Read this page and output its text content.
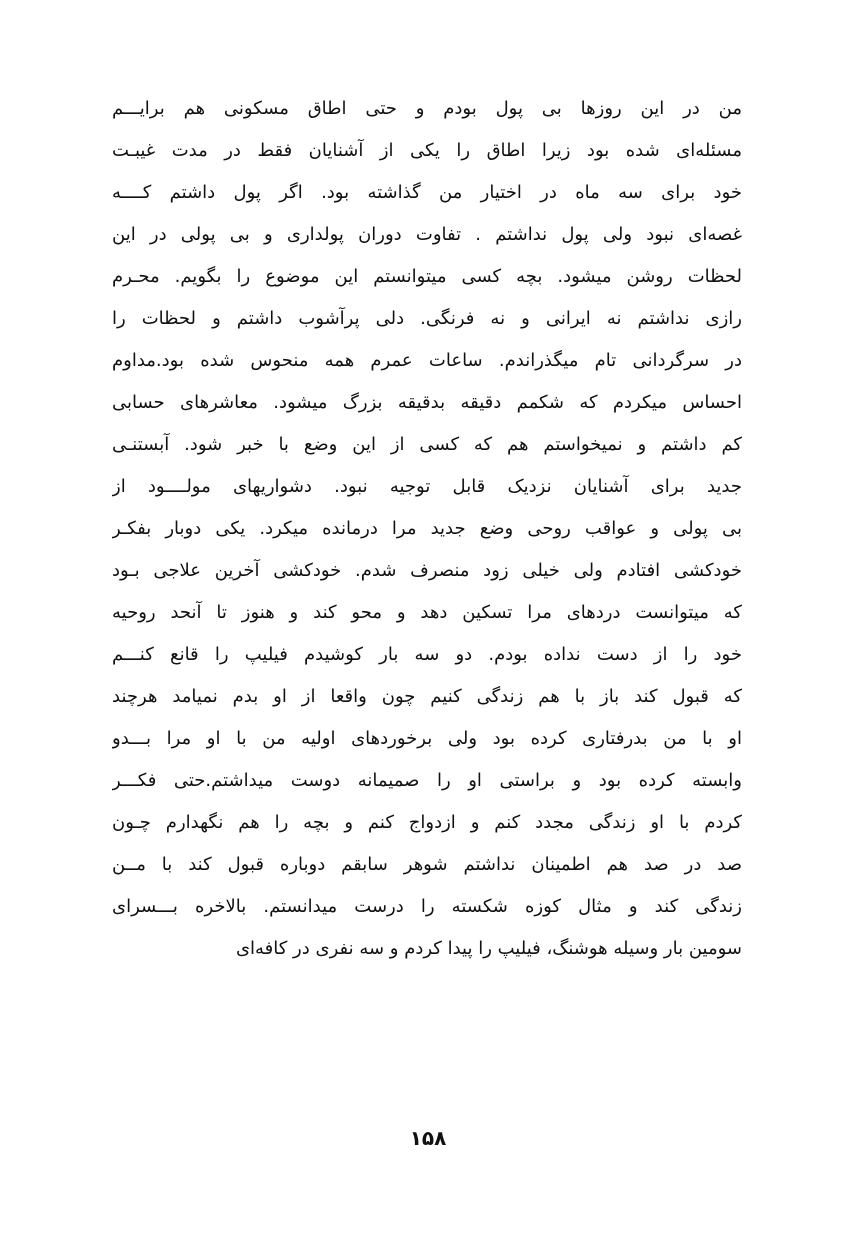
من در این روزها بی پول بودم و حتی اطاق مسکونی هم برایـــم
مسئله‌ای شده بود زیرا اطاق را یکی از آشنایان فقط در مدت غیبـت
خود برای سه ماه در اختیار من گذاشته بود. اگر پول داشتم کــــه
غصه‌ای نبود ولی پول نداشتم . تفاوت دوران پولداری و بی پولی در این
لحظات روشن میشود. بچه کسی میتوانستم این موضوع را بگویم. محـرم
رازی نداشتم نه ایرانی و نه فرنگی. دلی پرآشوب داشتم و لحظات را
در سرگردانی تام میگذراندم. ساعات عمرم همه منحوس شده بود.مداوم
احساس میکردم که شکمم دقیقه بدقیقه بزرگ میشود. معاشرهای حسابی
کم داشتم و نمیخواستم هم که کسی از این وضع با خبر شود. آبستنـی
جدید برای آشنایان نزدیک قابل توجیه نبود. دشواریهای مولــــود از
بی پولی و عواقب روحی وضع جدید مرا درمانده میکرد. یکی دوبار بفکـر
خودکشی افتادم ولی خیلی زود منصرف شدم. خودکشی آخرین علاجی بـود
که میتوانست دردهای مرا تسکین دهد و محو کند و هنوز تا آنحد روحیه
خود را از دست نداده بودم. دو سه بار کوشیدم فیلیپ را قانع کنـــم
که قبول کند باز با هم زندگی کنیم چون واقعا از او بدم نمیامد هرچند
او با من بدرفتاری کرده بود ولی برخوردهای اولیه من با او مرا بـــدو
وابسته کرده بود و براستی او را صمیمانه دوست میداشتم.حتی فکـــر
کردم با او زندگی مجدد کنم و ازدواج کنم و بچه را هم نگهدارم چـون
صد در صد هم اطمینان نداشتم شوهر سابقم دوباره قبول کند با مــن
زندگی کند و مثال کوزه شکسته را درست میدانستم. بالاخره بـــسرای
سومین بار وسیله هوشنگ، فیلیپ را پیدا کردم و سه نفری در کافه‌ای
۱۵۸
